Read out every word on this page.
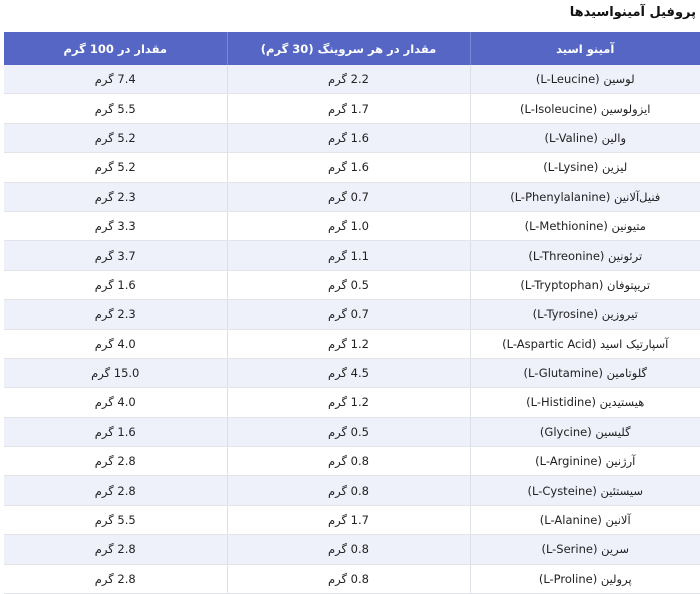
پروفیل آمینواسیدها
آمینو اسید	مقدار در هر سروینگ (30 گرم)	مقدار در 100 گرم
لوسین (L-Leucine)	2.2 گرم	7.4 گرم
ایزولوسین (L-Isoleucine)	1.7 گرم	5.5 گرم
والین (L-Valine)	1.6 گرم	5.2 گرم
لیزین (L-Lysine)	1.6 گرم	5.2 گرم
فنیل‌آلانین (L-Phenylalanine)	0.7 گرم	2.3 گرم
متیونین (L-Methionine)	1.0 گرم	3.3 گرم
ترئونین (L-Threonine)	1.1 گرم	3.7 گرم
تریپتوفان (L-Tryptophan)	0.5 گرم	1.6 گرم
تیروزین (L-Tyrosine)	0.7 گرم	2.3 گرم
آسپارتیک اسید (L-Aspartic Acid)	1.2 گرم	4.0 گرم
گلوتامین (L-Glutamine)	4.5 گرم	15.0 گرم
هیستیدین (L-Histidine)	1.2 گرم	4.0 گرم
گلیسین (Glycine)	0.5 گرم	1.6 گرم
آرژنین (L-Arginine)	0.8 گرم	2.8 گرم
سیستئین (L-Cysteine)	0.8 گرم	2.8 گرم
آلانین (L-Alanine)	1.7 گرم	5.5 گرم
سرین (L-Serine)	0.8 گرم	2.8 گرم
پرولین (L-Proline)	0.8 گرم	2.8 گرم
